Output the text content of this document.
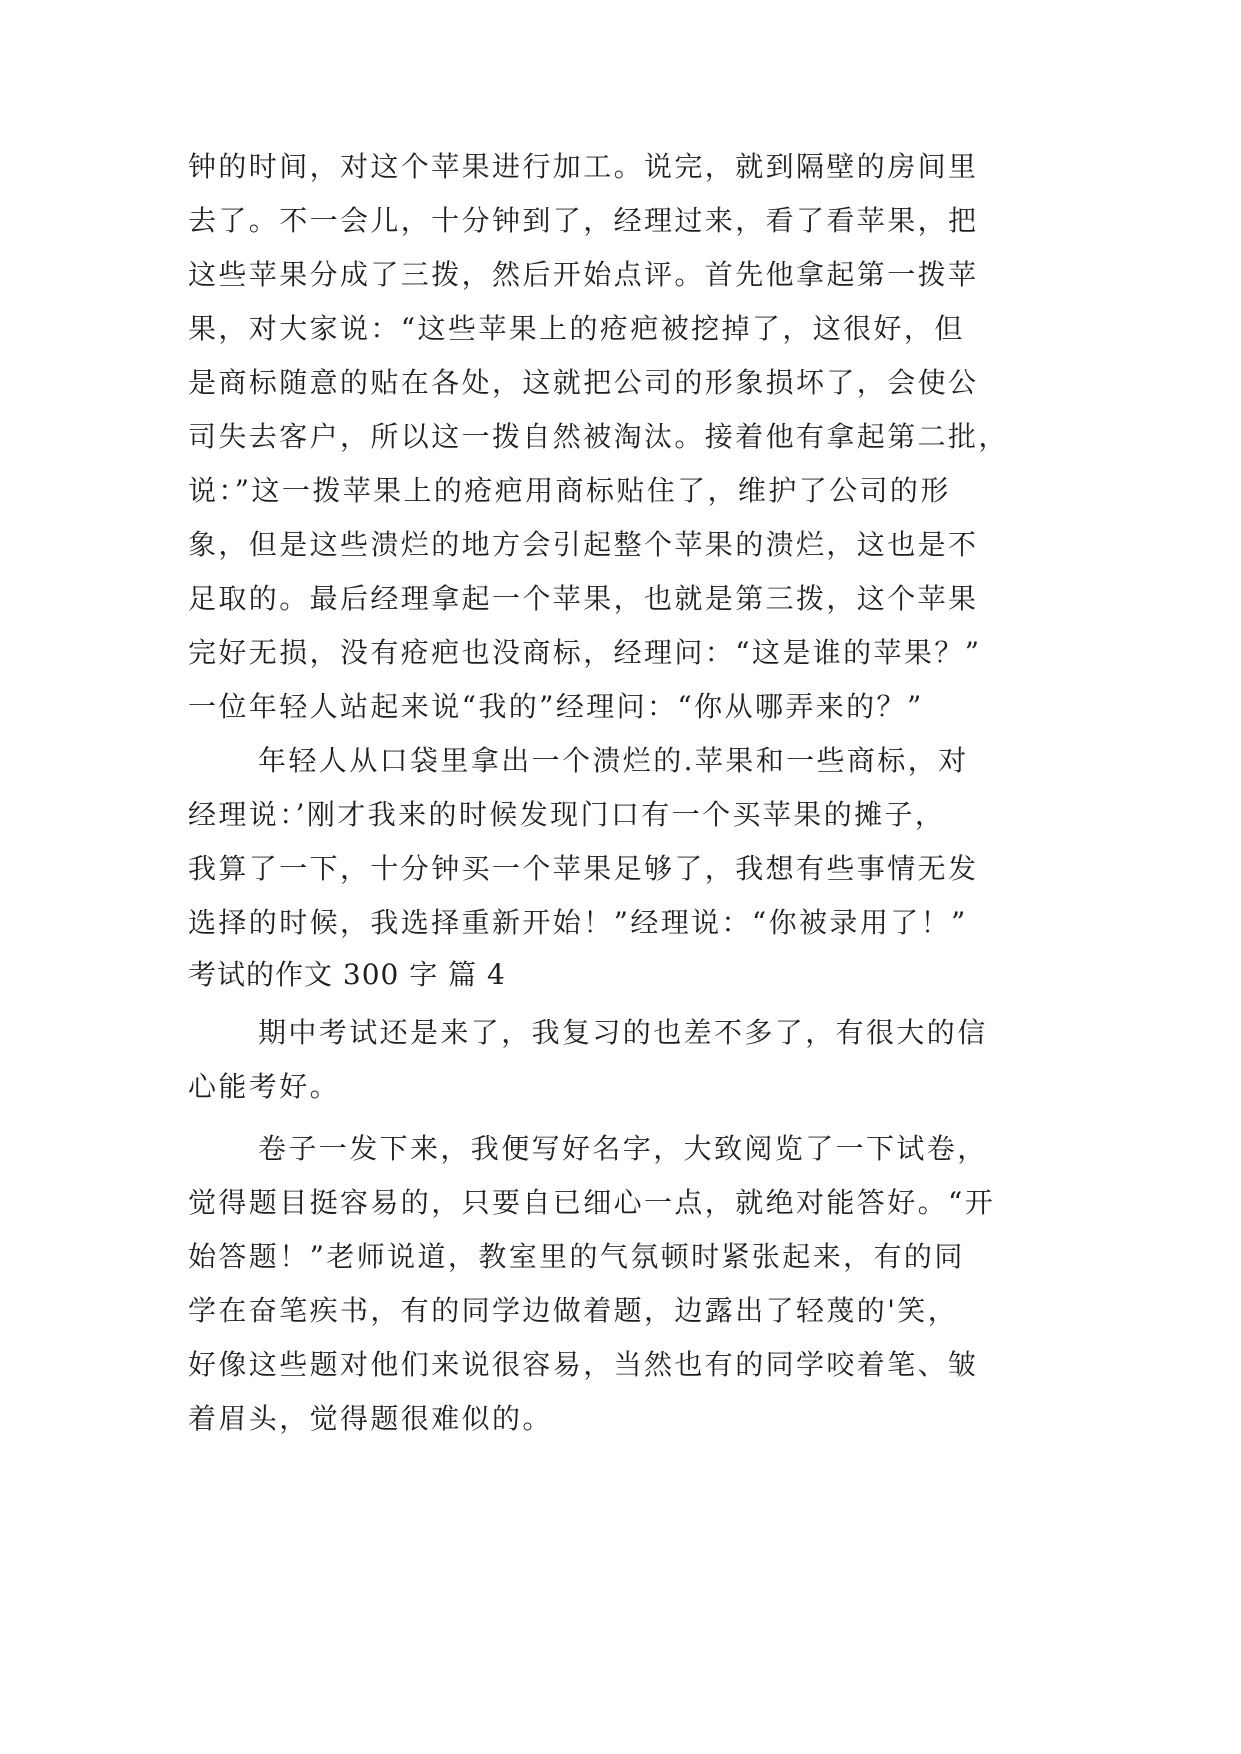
钟的时间，对这个苹果进行加工。说完，就到隔壁的房间里
去了。不一会儿，十分钟到了，经理过来，看了看苹果，把
这些苹果分成了三拨，然后开始点评。首先他拿起第一拨苹
果，对大家说：“这些苹果上的疮疤被挖掉了，这很好，但
是商标随意的贴在各处，这就把公司的形象损坏了，会使公
司失去客户，所以这一拨自然被淘汰。接着他有拿起第二批，
说：”这一拨苹果上的疮疤用商标贴住了，维护了公司的形
象，但是这些溃烂的地方会引起整个苹果的溃烂，这也是不
足取的。最后经理拿起一个苹果，也就是第三拨，这个苹果
完好无损，没有疮疤也没商标，经理问：“这是谁的苹果？”
一位年轻人站起来说“我的”经理问：“你从哪弄来的？”
年轻人从口袋里拿出一个溃烂的.苹果和一些商标，对
经理说：’刚才我来的时候发现门口有一个买苹果的摊子，
我算了一下，十分钟买一个苹果足够了，我想有些事情无发
选择的时候，我选择重新开始！”经理说：“你被录用了！”
考试的作文 300 字 篇 4
期中考试还是来了，我复习的也差不多了，有很大的信
心能考好。
卷子一发下来，我便写好名字，大致阅览了一下试卷，
觉得题目挺容易的，只要自已细心一点，就绝对能答好。“开
始答题！”老师说道，教室里的气氛顿时紧张起来，有的同
学在奋笔疾书，有的同学边做着题，边露出了轻蔑的'笑，
好像这些题对他们来说很容易，当然也有的同学咬着笔、皱
着眉头，觉得题很难似的。
